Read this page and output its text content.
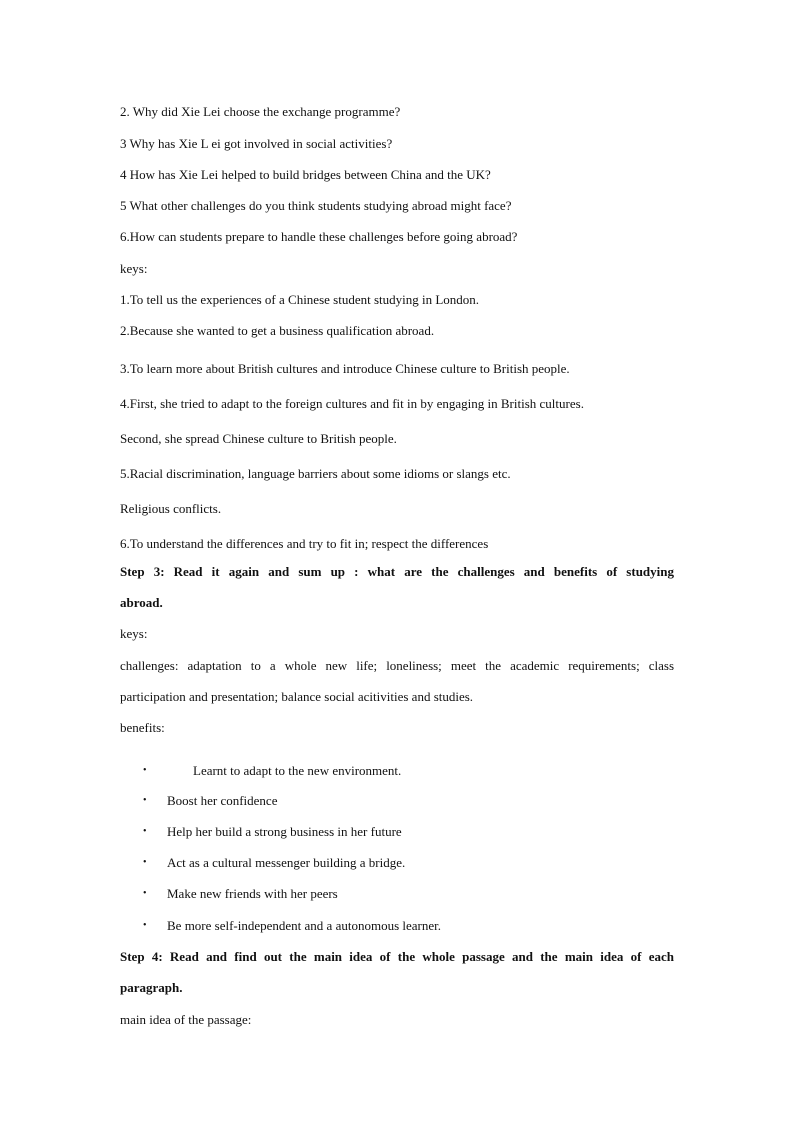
2. Why did Xie Lei choose the exchange programme?
3 Why has Xie L ei got involved in social activities?
4 How has Xie Lei helped to build bridges between China and the UK?
5 What other challenges do you think students studying abroad might face?
6.How can students prepare to handle these challenges before going abroad?
keys:
1.To tell us the experiences of a Chinese student studying in London.
2.Because she wanted to get a business qualification abroad.
3.To learn more about British cultures and introduce Chinese culture to British people.
4.First, she tried to adapt to the foreign cultures and fit in by engaging in British cultures.
Second, she spread Chinese culture to British people.
5.Racial discrimination, language barriers about some idioms or slangs etc.
Religious conflicts.
6.To understand the differences and try to fit in; respect the differences
Step 3: Read it again and sum up : what are the challenges and benefits of studying
abroad.
keys:
challenges: adaptation to a whole new life; loneliness; meet the academic requirements; class
participation and presentation; balance social acitivities and studies.
benefits:
•	Learnt to adapt to the new environment.
• Boost her confidence
• Help her build a strong business in her future
• Act as a cultural messenger building a bridge.
• Make new friends with her peers
• Be more self-independent and a autonomous learner.
Step 4: Read and find out the main idea of the whole passage and the main idea of each
paragraph.
main idea of the passage:
